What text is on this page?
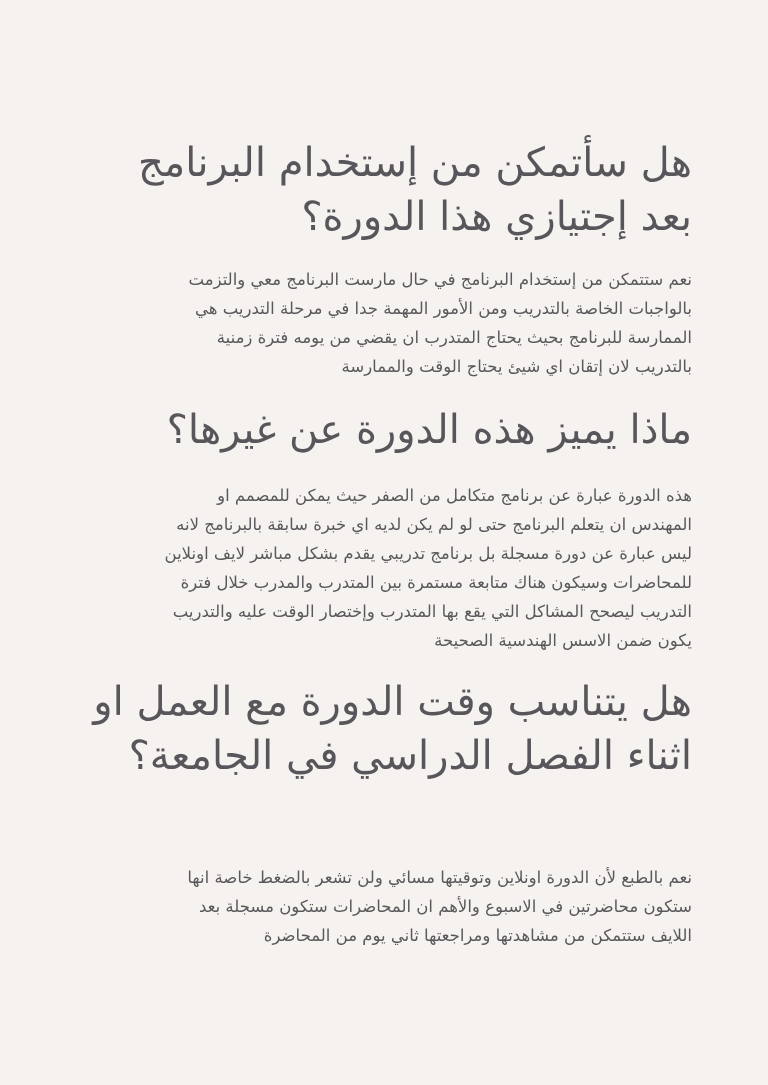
هل سأتمكن من إستخدام البرنامج بعد إجتيازي هذا الدورة؟

نعم ستتمكن من إستخدام البرنامج في حال مارست البرنامج معي والتزمت
بالواجبات الخاصة بالتدريب ومن الأمور المهمة جدا في مرحلة التدريب هي
الممارسة للبرنامج بحيث يحتاج المتدرب ان يقضي من يومه فترة زمنية
بالتدريب لان إتقان اي شيئ يحتاج الوقت والممارسة

ماذا يميز هذه الدورة عن غيرها؟

هذه الدورة عبارة عن برنامج متكامل من الصفر حيث يمكن للمصمم او
المهندس ان يتعلم البرنامج حتى لو لم يكن لديه اي خبرة سابقة بالبرنامج لانه
ليس عبارة عن دورة مسجلة بل برنامج تدريبي يقدم بشكل مباشر لايف اونلاين
للمحاضرات وسيكون هناك متابعة مستمرة بين المتدرب والمدرب خلال فترة
التدريب ليصحح المشاكل التي يقع بها المتدرب وإختصار الوقت عليه والتدريب
يكون ضمن الاسس الهندسية الصحيحة

هل يتناسب وقت الدورة مع العمل او اثناء الفصل الدراسي في الجامعة؟

نعم بالطبع لأن الدورة اونلاين وتوقيتها مسائي ولن تشعر بالضغط خاصة انها
ستكون محاضرتين في الاسبوع والأهم ان المحاضرات ستكون مسجلة بعد
اللايف ستتمكن من مشاهدتها ومراجعتها ثاني يوم من المحاضرة
